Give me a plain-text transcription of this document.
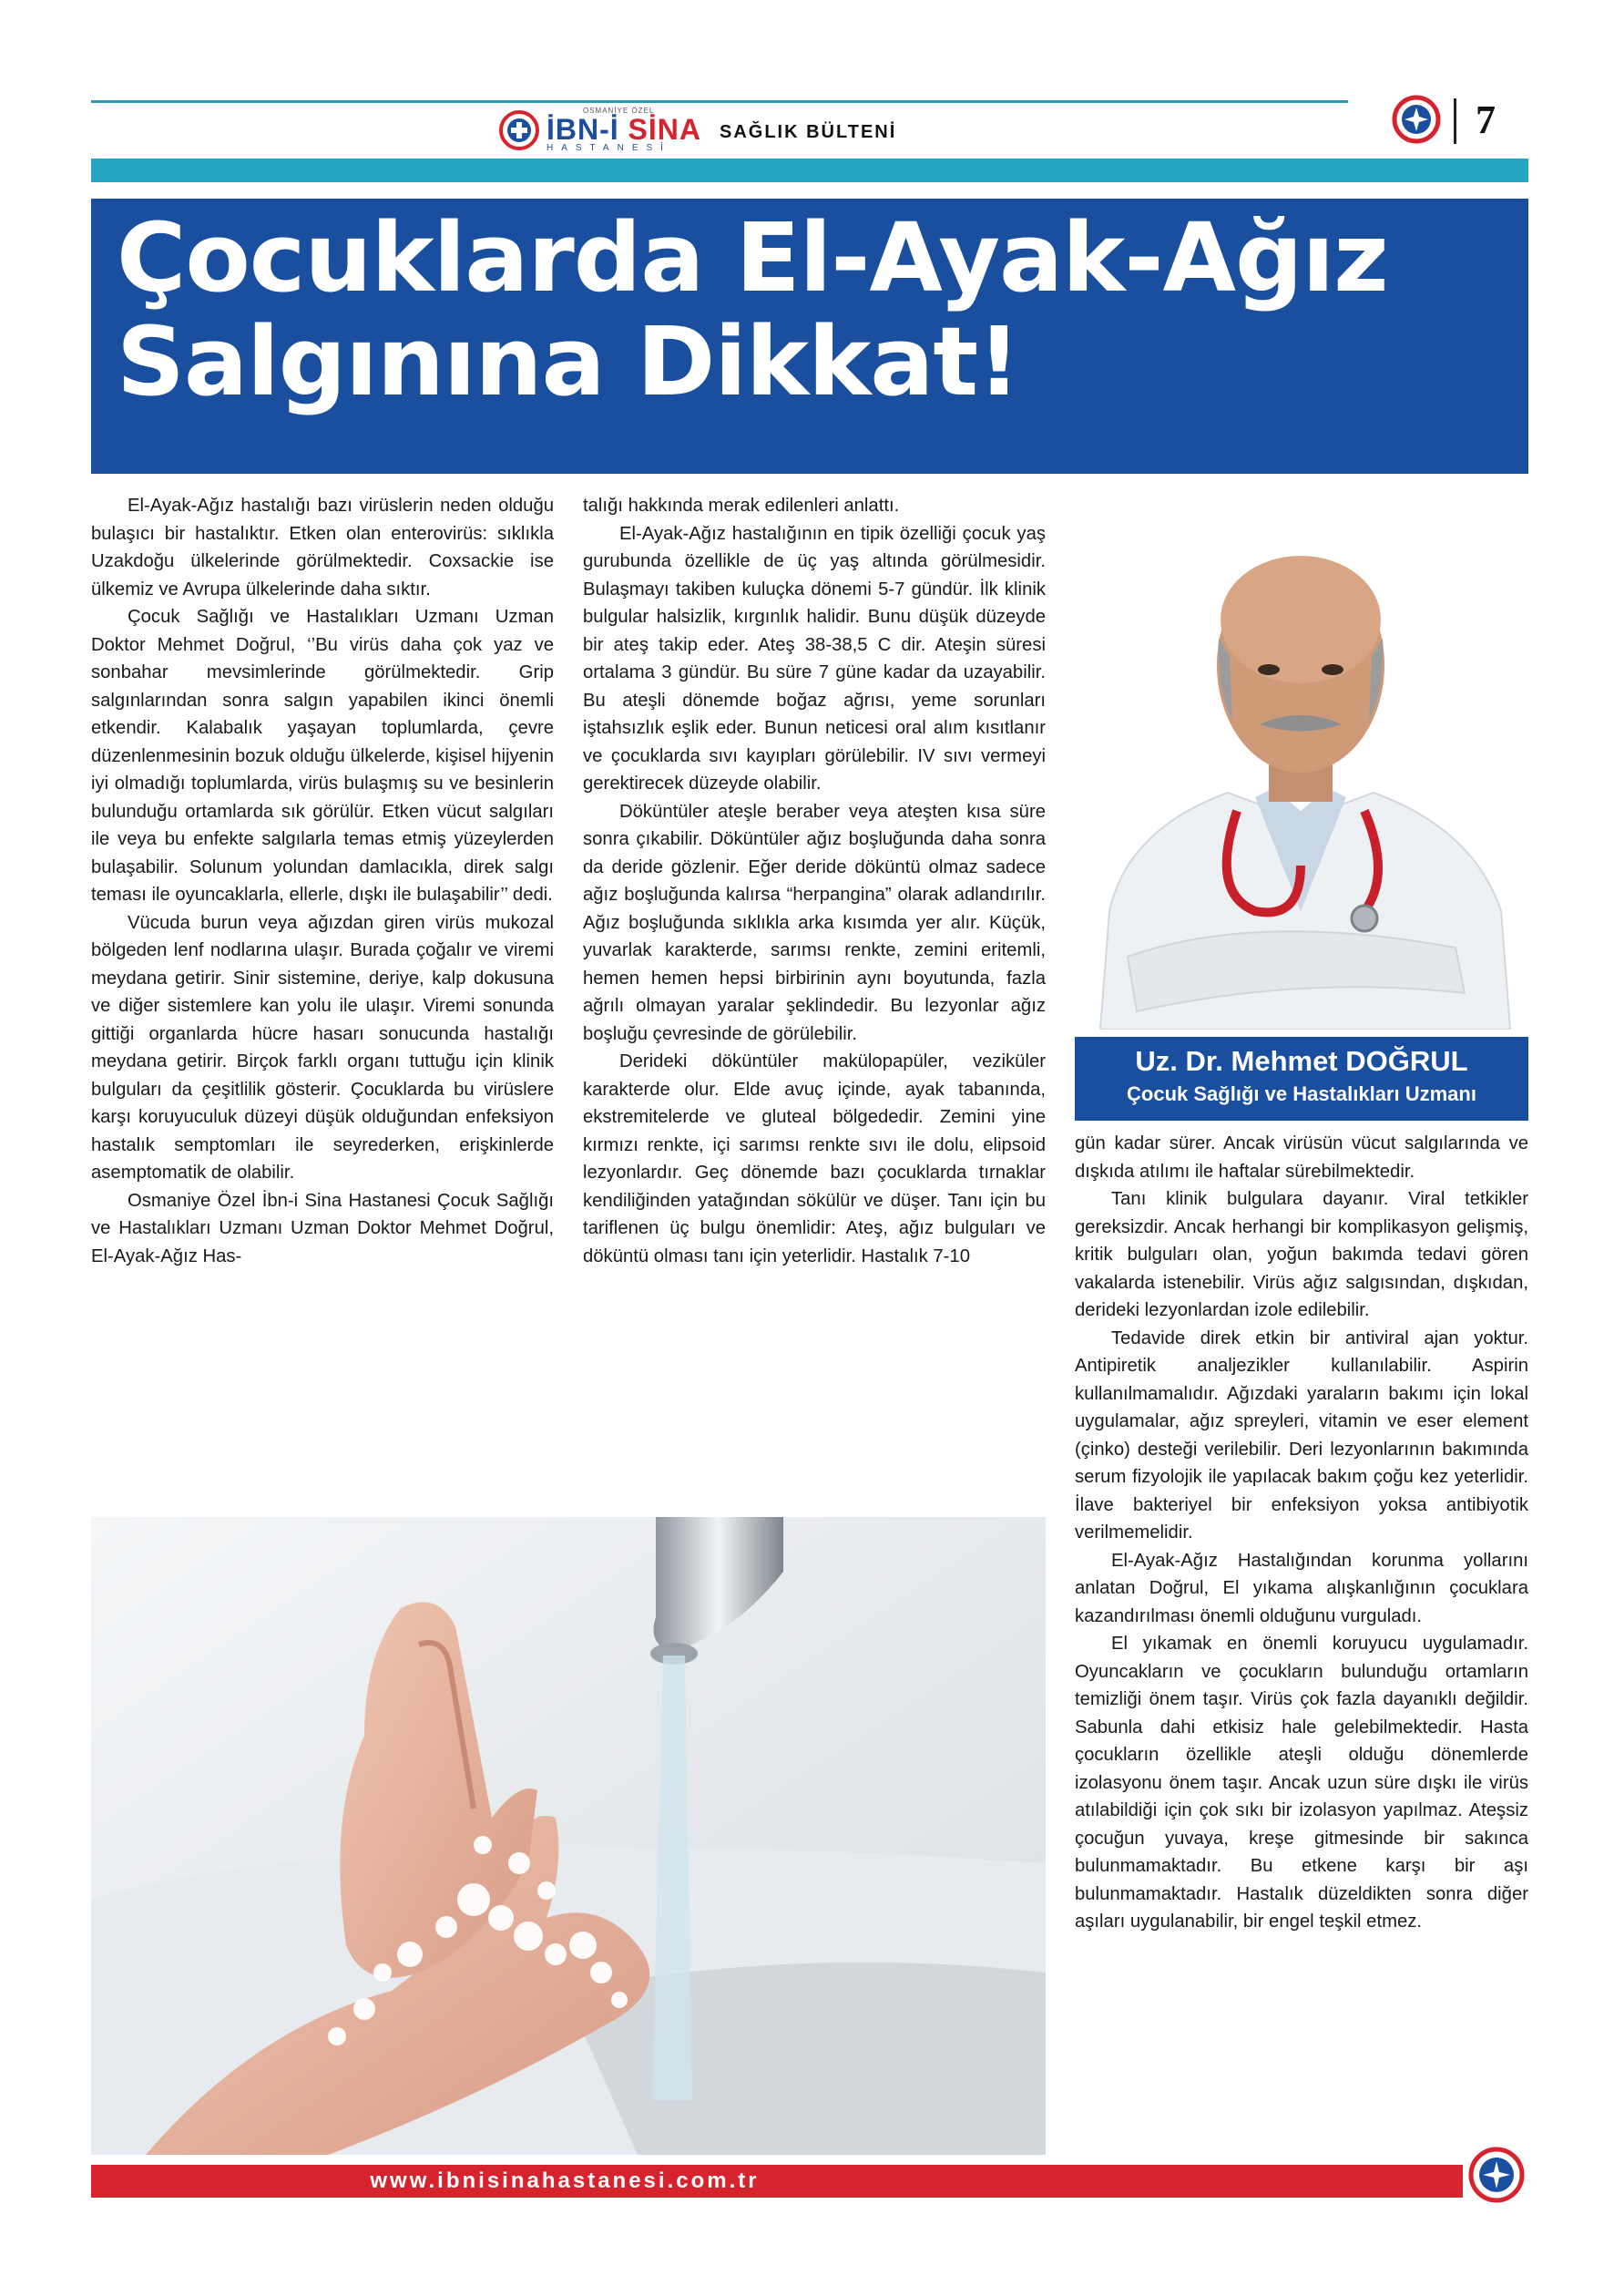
OSMANİYE ÖZEL
İBN-İ SİNA
HASTANESİ
SAĞLIK BÜLTENİ	7
Çocuklarda El-Ayak-Ağız Salgınına Dikkat!

El-Ayak-Ağız hastalığı bazı virüslerin neden olduğu bulaşıcı bir hastalıktır. Etken olan enterovirüs: sıklıkla Uzakdoğu ülkelerinde görülmektedir. Coxsackie ise ülkemiz ve Avrupa ülkelerinde daha sıktır.

Çocuk Sağlığı ve Hastalıkları Uzmanı Uzman Doktor Mehmet Doğrul, ‘’Bu virüs daha çok yaz ve sonbahar mevsimlerinde görülmektedir. Grip salgınlarından sonra salgın yapabilen ikinci önemli etkendir. Kalabalık yaşayan toplumlarda, çevre düzenlenmesinin bozuk olduğu ülkelerde, kişisel hijyenin iyi olmadığı toplumlarda, virüs bulaşmış su ve besinlerin bulunduğu ortamlarda sık görülür. Etken vücut salgıları ile veya bu enfekte salgılarla temas etmiş yüzeylerden bulaşabilir. Solunum yolundan damlacıkla, direk salgı teması ile oyuncaklarla, ellerle, dışkı ile bulaşabilir’’ dedi.

Vücuda burun veya ağızdan giren virüs mukozal bölgeden lenf nodlarına ulaşır. Burada çoğalır ve viremi meydana getirir. Sinir sistemine, deriye, kalp dokusuna ve diğer sistemlere kan yolu ile ulaşır. Viremi sonunda gittiği organlarda hücre hasarı sonucunda hastalığı meydana getirir. Birçok farklı organı tuttuğu için klinik bulguları da çeşitlilik gösterir. Çocuklarda bu virüslere karşı koruyuculuk düzeyi düşük olduğundan enfeksiyon hastalık semptomları ile seyrederken, erişkinlerde asemptomatik de olabilir.

Osmaniye Özel İbn-i Sina Hastanesi Çocuk Sağlığı ve Hastalıkları Uzmanı Uzman Doktor Mehmet Doğrul, El-Ayak-Ağız Has-

talığı hakkında merak edilenleri anlattı.

El-Ayak-Ağız hastalığının en tipik özelliği çocuk yaş gurubunda özellikle de üç yaş altında görülmesidir. Bulaşmayı takiben kuluçka dönemi 5-7 gündür. İlk klinik bulgular halsizlik, kırgınlık halidir. Bunu düşük düzeyde bir ateş takip eder. Ateş 38-38,5 C dir. Ateşin süresi ortalama 3 gündür. Bu süre 7 güne kadar da uzayabilir. Bu ateşli dönemde boğaz ağrısı, yeme sorunları iştahsızlık eşlik eder. Bunun neticesi oral alım kısıtlanır ve çocuklarda sıvı kayıpları görülebilir. IV sıvı vermeyi gerektirecek düzeyde olabilir.

Döküntüler ateşle beraber veya ateşten kısa süre sonra çıkabilir. Döküntüler ağız boşluğunda daha sonra da deride gözlenir. Eğer deride döküntü olmaz sadece ağız boşluğunda kalırsa “herpangina” olarak adlandırılır. Ağız boşluğunda sıklıkla arka kısımda yer alır. Küçük, yuvarlak karakterde, sarımsı renkte, zemini eritemli, hemen hemen hepsi birbirinin aynı boyutunda, fazla ağrılı olmayan yaralar şeklindedir. Bu lezyonlar ağız boşluğu çevresinde de görülebilir.

Derideki döküntüler makülopapüler, veziküler karakterde olur. Elde avuç içinde, ayak tabanında, ekstremitelerde ve gluteal bölgededir. Zemini yine kırmızı renkte, içi sarımsı renkte sıvı ile dolu, elipsoid lezyonlardır. Geç dönemde bazı çocuklarda tırnaklar kendiliğinden yatağından sökülür ve düşer. Tanı için bu tariflenen üç bulgu önemlidir: Ateş, ağız bulguları ve döküntü olması tanı için yeterlidir. Hastalık 7-10

Uz. Dr. Mehmet DOĞRUL
Çocuk Sağlığı ve Hastalıkları Uzmanı

gün kadar sürer. Ancak virüsün vücut salgılarında ve dışkıda atılımı ile haftalar sürebilmektedir.

Tanı klinik bulgulara dayanır. Viral tetkikler gereksizdir. Ancak herhangi bir komplikasyon gelişmiş, kritik bulguları olan, yoğun bakımda tedavi gören vakalarda istenebilir. Virüs ağız salgısından, dışkıdan, derideki lezyonlardan izole edilebilir.

Tedavide direk etkin bir antiviral ajan yoktur. Antipiretik analjezikler kullanılabilir. Aspirin kullanılmamalıdır. Ağızdaki yaraların bakımı için lokal uygulamalar, ağız spreyleri, vitamin ve eser element (çinko) desteği verilebilir. Deri lezyonlarının bakımında serum fizyolojik ile yapılacak bakım çoğu kez yeterlidir. İlave bakteriyel bir enfeksiyon yoksa antibiyotik verilmemelidir.

El-Ayak-Ağız Hastalığından korunma yollarını anlatan Doğrul, El yıkama alışkanlığının çocuklara kazandırılması önemli olduğunu vurguladı.

El yıkamak en önemli koruyucu uygulamadır. Oyuncakların ve çocukların bulunduğu ortamların temizliği önem taşır. Virüs çok fazla dayanıklı değildir. Sabunla dahi etkisiz hale gelebilmektedir. Hasta çocukların özellikle ateşli olduğu dönemlerde izolasyonu önem taşır. Ancak uzun süre dışkı ile virüs atılabildiği için çok sıkı bir izolasyon yapılmaz. Ateşsiz çocuğun yuvaya, kreşe gitmesinde bir sakınca bulunmamaktadır. Bu etkene karşı bir aşı bulunmamaktadır. Hastalık düzeldikten sonra diğer aşıları uygulanabilir, bir engel teşkil etmez.

www.ibnisinahastanesi.com.tr
